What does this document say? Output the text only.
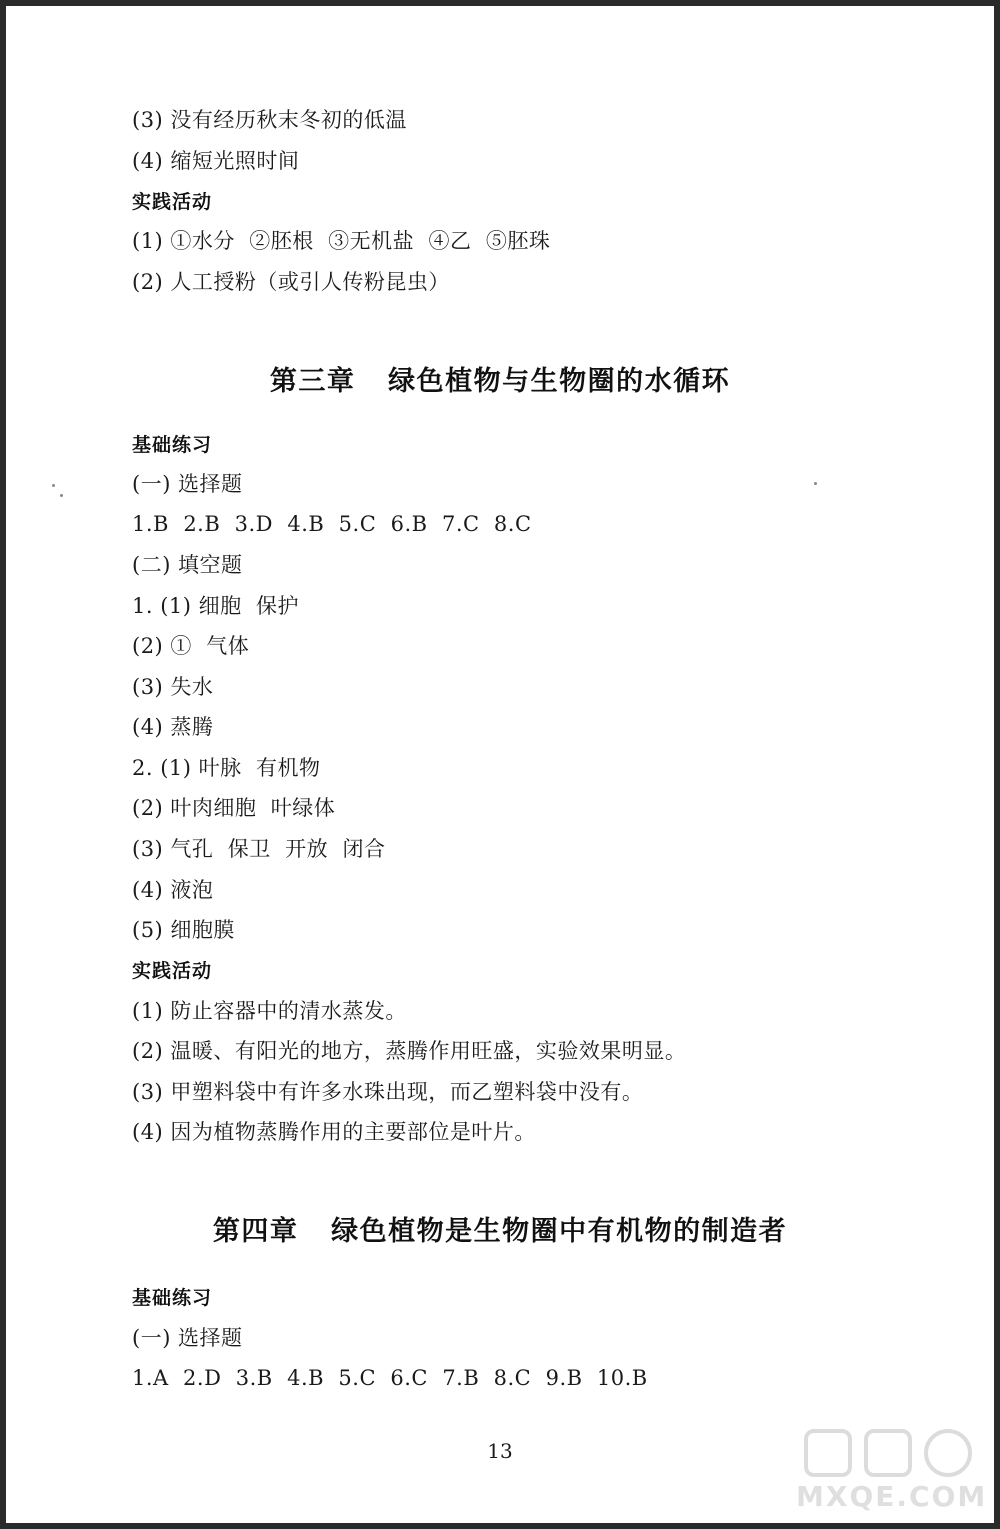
(3) 没有经历秋末冬初的低温
(4) 缩短光照时间
实践活动
(1) ①水分  ②胚根  ③无机盐  ④乙  ⑤胚珠
(2) 人工授粉（或引人传粉昆虫）
第三章   绿色植物与生物圈的水循环
基础练习
(一) 选择题
1.B  2.B  3.D  4.B  5.C  6.B  7.C  8.C
(二) 填空题
1. (1) 细胞  保护
(2) ①  气体
(3) 失水
(4) 蒸腾
2. (1) 叶脉  有机物
(2) 叶肉细胞  叶绿体
(3) 气孔  保卫  开放  闭合
(4) 液泡
(5) 细胞膜
实践活动
(1) 防止容器中的清水蒸发。
(2) 温暖、有阳光的地方，蒸腾作用旺盛，实验效果明显。
(3) 甲塑料袋中有许多水珠出现，而乙塑料袋中没有。
(4) 因为植物蒸腾作用的主要部位是叶片。
第四章   绿色植物是生物圈中有机物的制造者
基础练习
(一) 选择题
1.A  2.D  3.B  4.B  5.C  6.C  7.B  8.C  9.B  10.B
13
MXQE.COM
